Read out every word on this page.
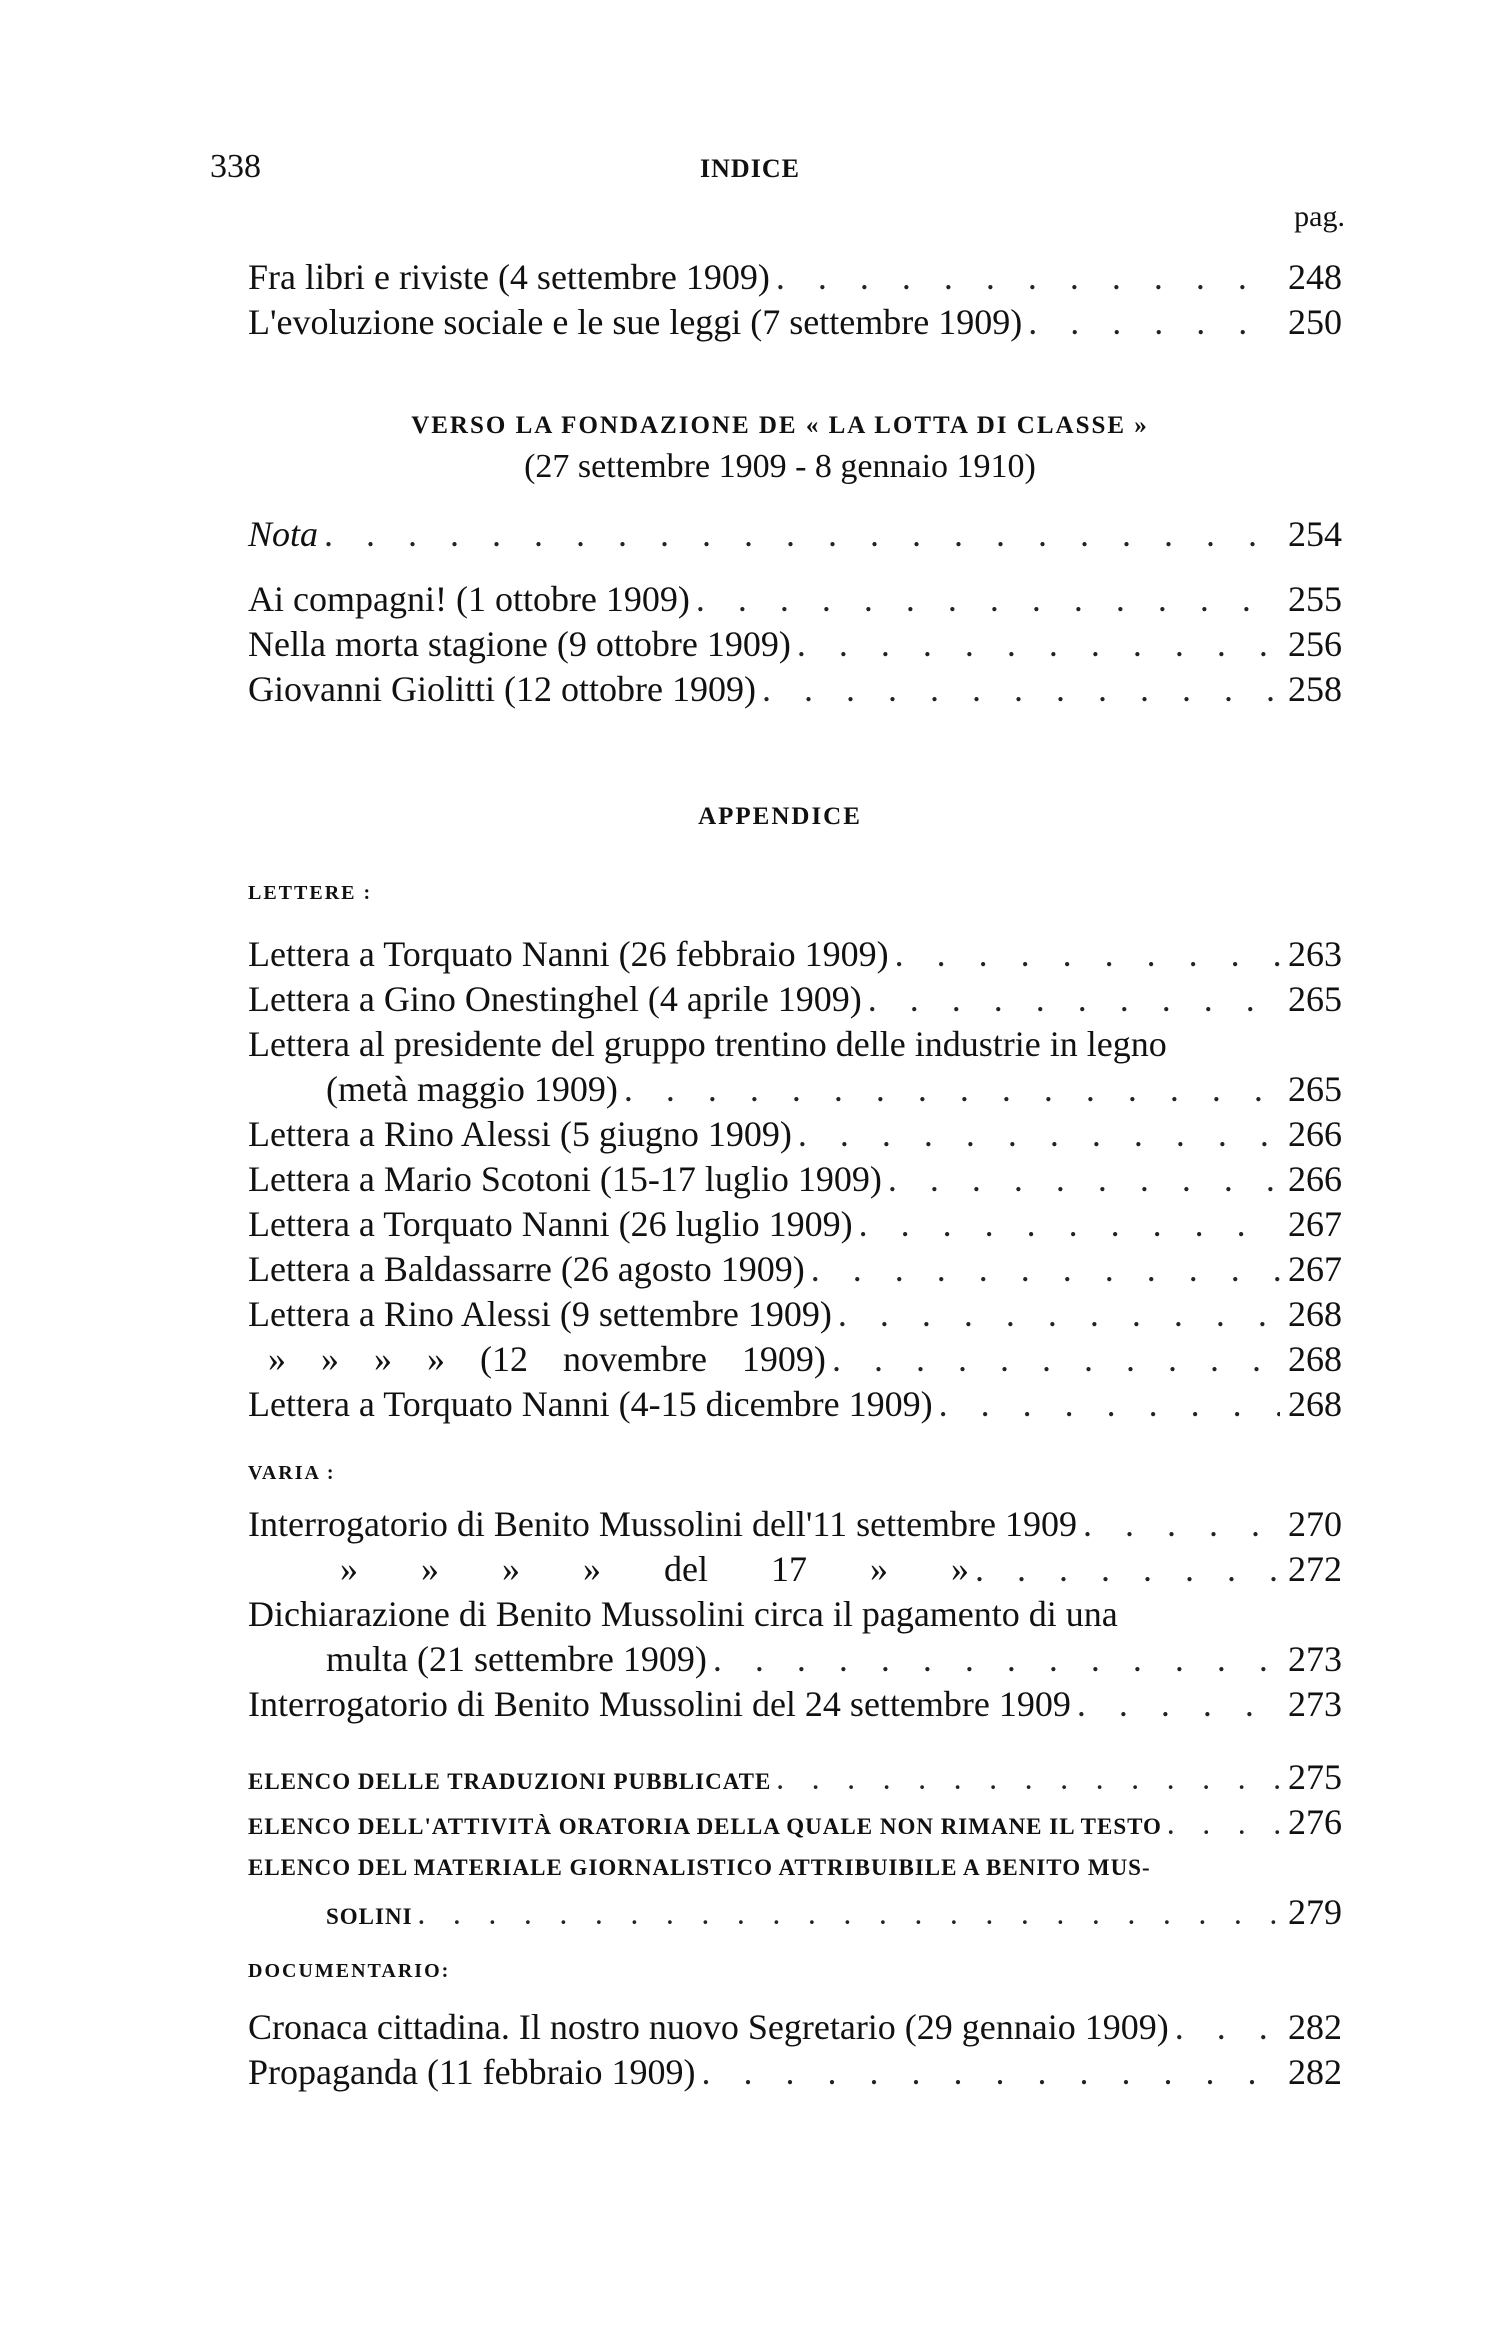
338	INDICE
pag.
Fra libri e riviste (4 settembre 1909) . . .	248
L'evoluzione sociale e le sue leggi (7 settembre 1909) . . .	250
VERSO LA FONDAZIONE DE « LA LOTTA DI CLASSE »
(27 settembre 1909 - 8 gennaio 1910)
Nota . . .	254
Ai compagni! (1 ottobre 1909) . . .	255
Nella morta stagione (9 ottobre 1909) . . .	256
Giovanni Giolitti (12 ottobre 1909) . . .	258
APPENDICE
LETTERE :
Lettera a Torquato Nanni (26 febbraio 1909) . . .	263
Lettera a Gino Onestinghel (4 aprile 1909) . . .	265
Lettera al presidente del gruppo trentino delle industrie in legno
(metà maggio 1909) . . .	265
Lettera a Rino Alessi (5 giugno 1909) . . .	266
Lettera a Mario Scotoni (15-17 luglio 1909) . . .	266
Lettera a Torquato Nanni (26 luglio 1909) . . .	267
Lettera a Baldassarre (26 agosto 1909) . . .	267
Lettera a Rino Alessi (9 settembre 1909) . . .	268
» » » » (12 novembre 1909) . . .	268
Lettera a Torquato Nanni (4-15 dicembre 1909) . . .	268
VARIA :
Interrogatorio di Benito Mussolini dell'11 settembre 1909 . . .	270
» » » » del 17 » » . . .	272
Dichiarazione di Benito Mussolini circa il pagamento di una
multa (21 settembre 1909) . . .	273
Interrogatorio di Benito Mussolini del 24 settembre 1909 . . .	273
ELENCO DELLE TRADUZIONI PUBBLICATE . . .	275
ELENCO DELL'ATTIVITÀ ORATORIA DELLA QUALE NON RIMANE IL TESTO . . .	276
ELENCO DEL MATERIALE GIORNALISTICO ATTRIBUIBILE A BENITO MUS-
SOLINI . . .	279
DOCUMENTARIO:
Cronaca cittadina. Il nostro nuovo Segretario (29 gennaio 1909) . . .	282
Propaganda (11 febbraio 1909) . . .	282
